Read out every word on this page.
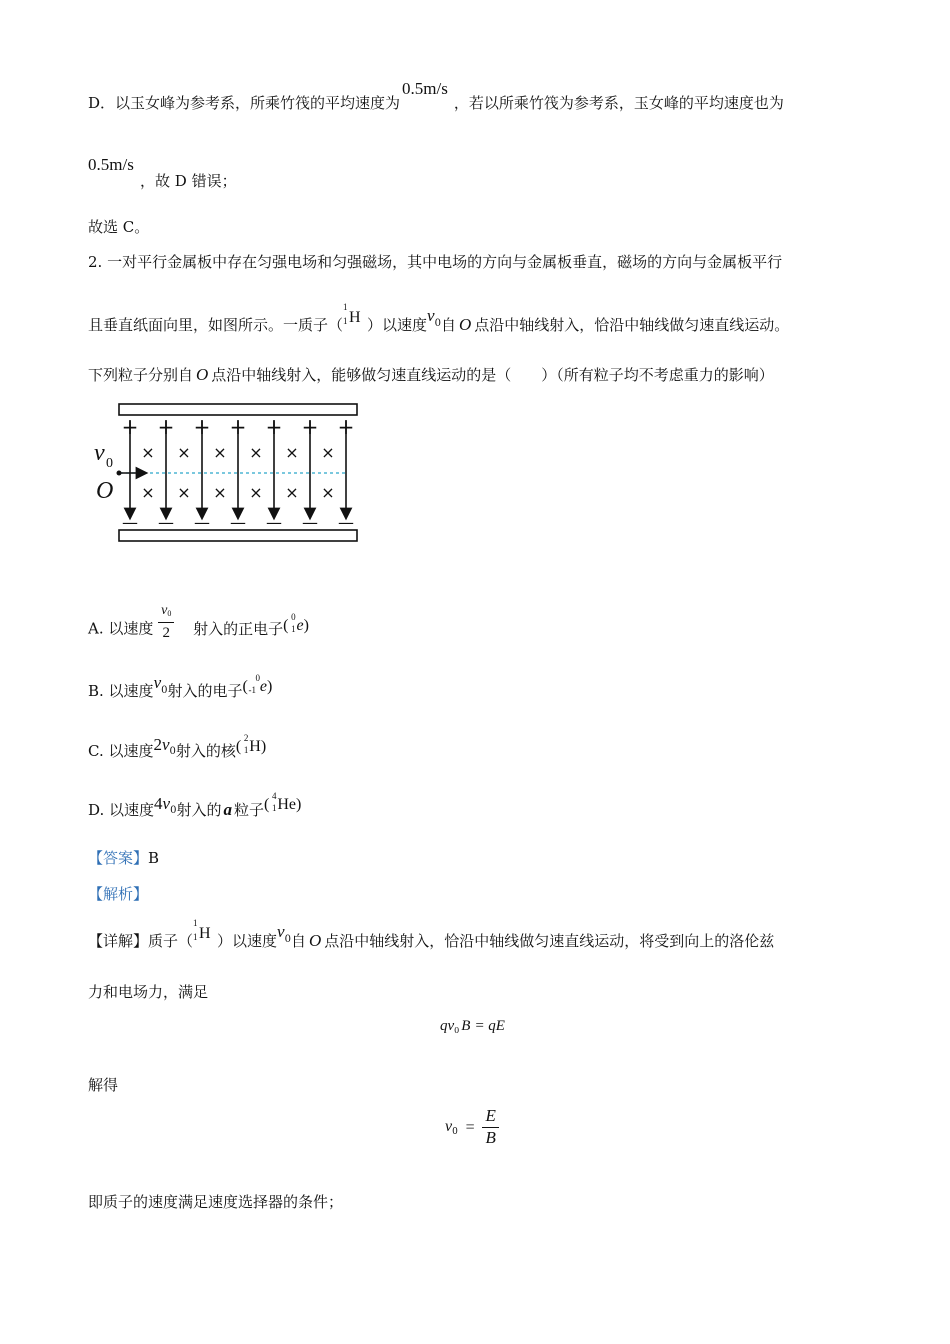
D．以玉女峰为参考系，所乘竹筏的平均速度为0.5m/s，若以所乘竹筏为参考系，玉女峰的平均速度也为
0.5m/s
，故 D 错误；
故选 C。
2. 一对平行金属板中存在匀强电场和匀强磁场，其中电场的方向与金属板垂直，磁场的方向与金属板平行
且垂直纸面向里，如图所示。一质子（
1
1 H ）以速度$v^0$自 O 点沿中轴线射入，恰沿中轴线做匀速直线运动。
下列粒子分别自 O 点沿中轴线射入，能够做匀速直线运动的是（　　）（所有粒子均不考虑重力的影响）
+ + + + + + +
— — — — — — —
×
×
×
×
×
×
×
×
×
×
×
×
v 0
O
A. 以速度 $\frac{v0}{2}$ 射入的正电子( 0
1 e)
B. 以速度$v^0$射入的电子( 0
-1 e)
C. 以速度2v0射入的核( 2
1 H)
D. 以速度4v0射入的 a 粒子( 4
1 He)
【答案】B
【解析】
【详解】质子（
1
1 H ）以速度$v^0$自 O 点沿中轴线射入，恰沿中轴线做匀速直线运动，将受到向上的洛伦兹
力和电场力，满足
$qv_0$ B = qE
解得
$v_0 = \frac{E}{B}$
即质子的速度满足速度选择器的条件；
